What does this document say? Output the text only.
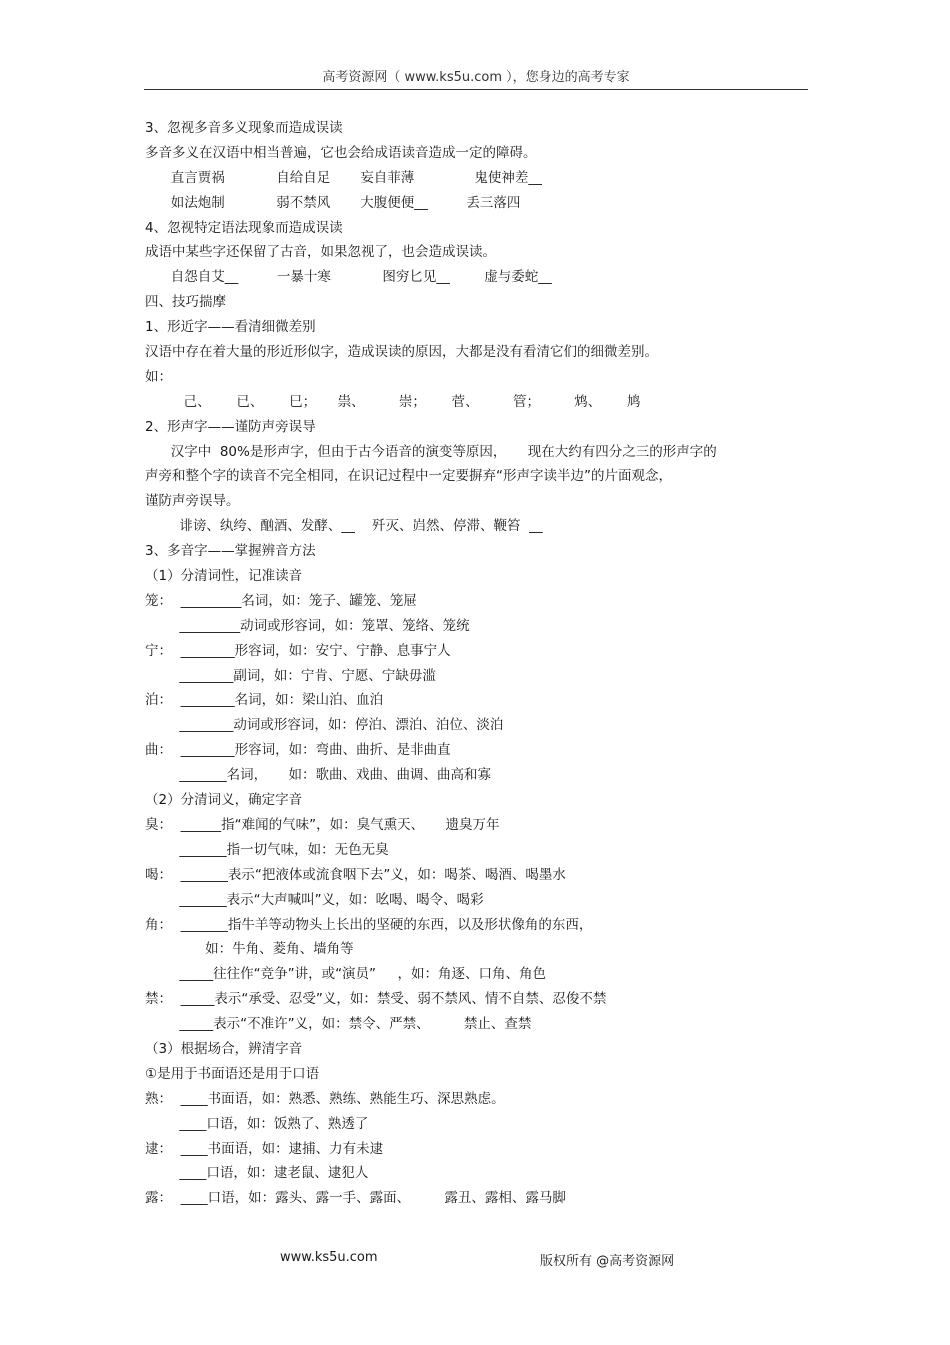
高考资源网（ www.ks5u.com ），您身边的高考专家
3、忽视多音多义现象而造成误读
多音多义在汉语中相当普遍，它也会给成语读音造成一定的障碍。
直言贾祸            自给自足       妄自菲薄              鬼使神差__
如法炮制            弱不禁风       大腹便便__         丢三落四
4、忽视特定语法现象而造成误读
成语中某些字还保留了古音，如果忽视了，也会造成误读。
自怨自艾__         一暴十寒            图穷匕见__        虚与委蛇__
四、技巧揣摩
1、形近字——看清细微差别
汉语中存在着大量的形近形似字，造成误读的原因，大都是没有看清它们的细微差别。
如：
己、      已、      巳；     祟、        崇；      菅、        管；        鸩、      鸠
2、形声字——谨防声旁误导
汉字中  80%是形声字，但由于古今语音的演变等原因，     现在大约有四分之三的形声字的
声旁和整个字的读音不完全相同，在识记过程中一定要摒弃“形声字读半边”的片面观念，
谨防声旁误导。
诽谤、纨绔、酗酒、发酵、__    歼灭、岿然、停滞、鞭笞  __
3、多音字——掌握辨音方法
（1）分清词性，记准读音
笼：  _________名词，如：笼子、罐笼、笼屉
_________动词或形容词，如：笼罩、笼络、笼统
宁：  ________形容词，如：安宁、宁静、息事宁人
________副词，如：宁肯、宁愿、宁缺毋滥
泊：  ________名词，如：梁山泊、血泊
________动词或形容词，如：停泊、漂泊、泊位、淡泊
曲：  ________形容词，如：弯曲、曲折、是非曲直
_______名词，     如：歌曲、戏曲、曲调、曲高和寡
（2）分清词义，确定字音
臭：  ______指“难闻的气味”，如：臭气熏天、     遗臭万年
_______指一切气味，如：无色无臭
喝：  _______表示“把液体或流食咽下去”义，如：喝茶、喝酒、喝墨水
_______表示“大声喊叫”义，如：吆喝、喝令、喝彩
角：  _______指牛羊等动物头上长出的坚硬的东西，以及形状像角的东西，
如：牛角、菱角、墙角等
_____往往作“竞争”讲，或“演员”     ，如：角逐、口角、角色
禁：  _____表示“承受、忍受”义，如：禁受、弱不禁风、情不自禁、忍俊不禁
_____表示“不准许”义，如：禁令、严禁、        禁止、查禁
（3）根据场合，辨清字音
①是用于书面语还是用于口语
熟：  ____书面语，如：熟悉、熟练、熟能生巧、深思熟虑。
____口语，如：饭熟了、熟透了
逮：  ____书面语，如：逮捕、力有未逮
____口语，如：逮老鼠、逮犯人
露：  ____口语，如：露头、露一手、露面、        露丑、露相、露马脚
www.ks5u.com	版权所有 @高考资源网
